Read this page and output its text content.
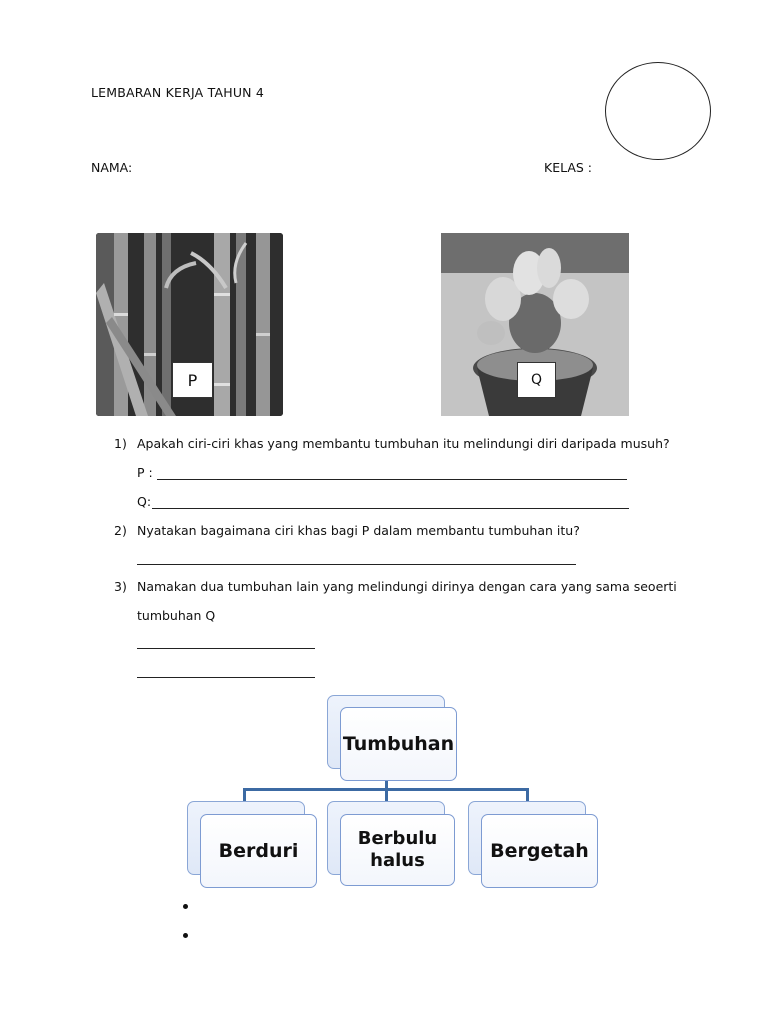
LEMBARAN KERJA TAHUN 4
NAMA:	KELAS :
P	Q
1) Apakah ciri-ciri khas yang membantu tumbuhan itu melindungi diri daripada musuh?
P :
Q:
2) Nyatakan bagaimana ciri khas bagi P dalam membantu tumbuhan itu?
3) Namakan dua tumbuhan lain yang melindungi dirinya dengan cara yang sama seoerti
tumbuhan Q
Tumbuhan
Berduri
Berbulu halus	Bergetah
